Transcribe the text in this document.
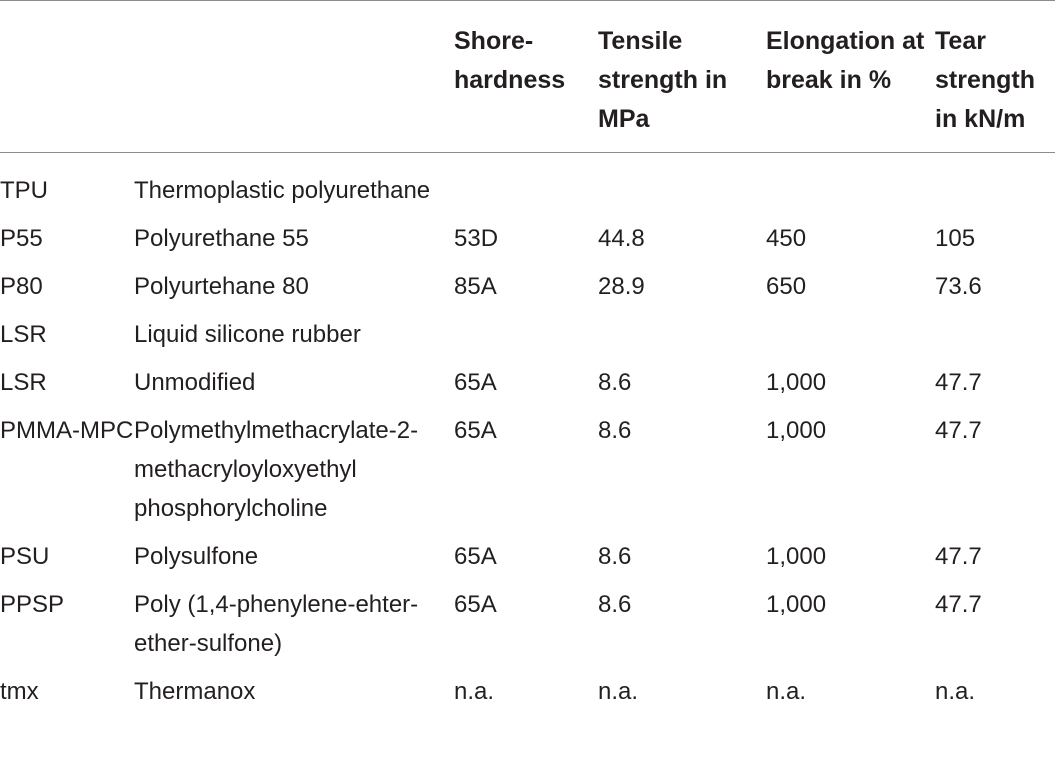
		Shore-hardness	Tensile strength in MPa	Elongation at break in %	Tear strength in kN/m
TPU	Thermoplastic polyurethane				
P55	Polyurethane 55	53D	44.8	450	105
P80	Polyurtehane 80	85A	28.9	650	73.6
LSR	Liquid silicone rubber				
LSR	Unmodified	65A	8.6	1,000	47.7
PMMA-MPC	Polymethylmethacrylate-2-methacryloyloxyethyl phosphorylcholine	65A	8.6	1,000	47.7
PSU	Polysulfone	65A	8.6	1,000	47.7
PPSP	Poly (1,4-phenylene-ehter-ether-sulfone)	65A	8.6	1,000	47.7
tmx	Thermanox	n.a.	n.a.	n.a.	n.a.
